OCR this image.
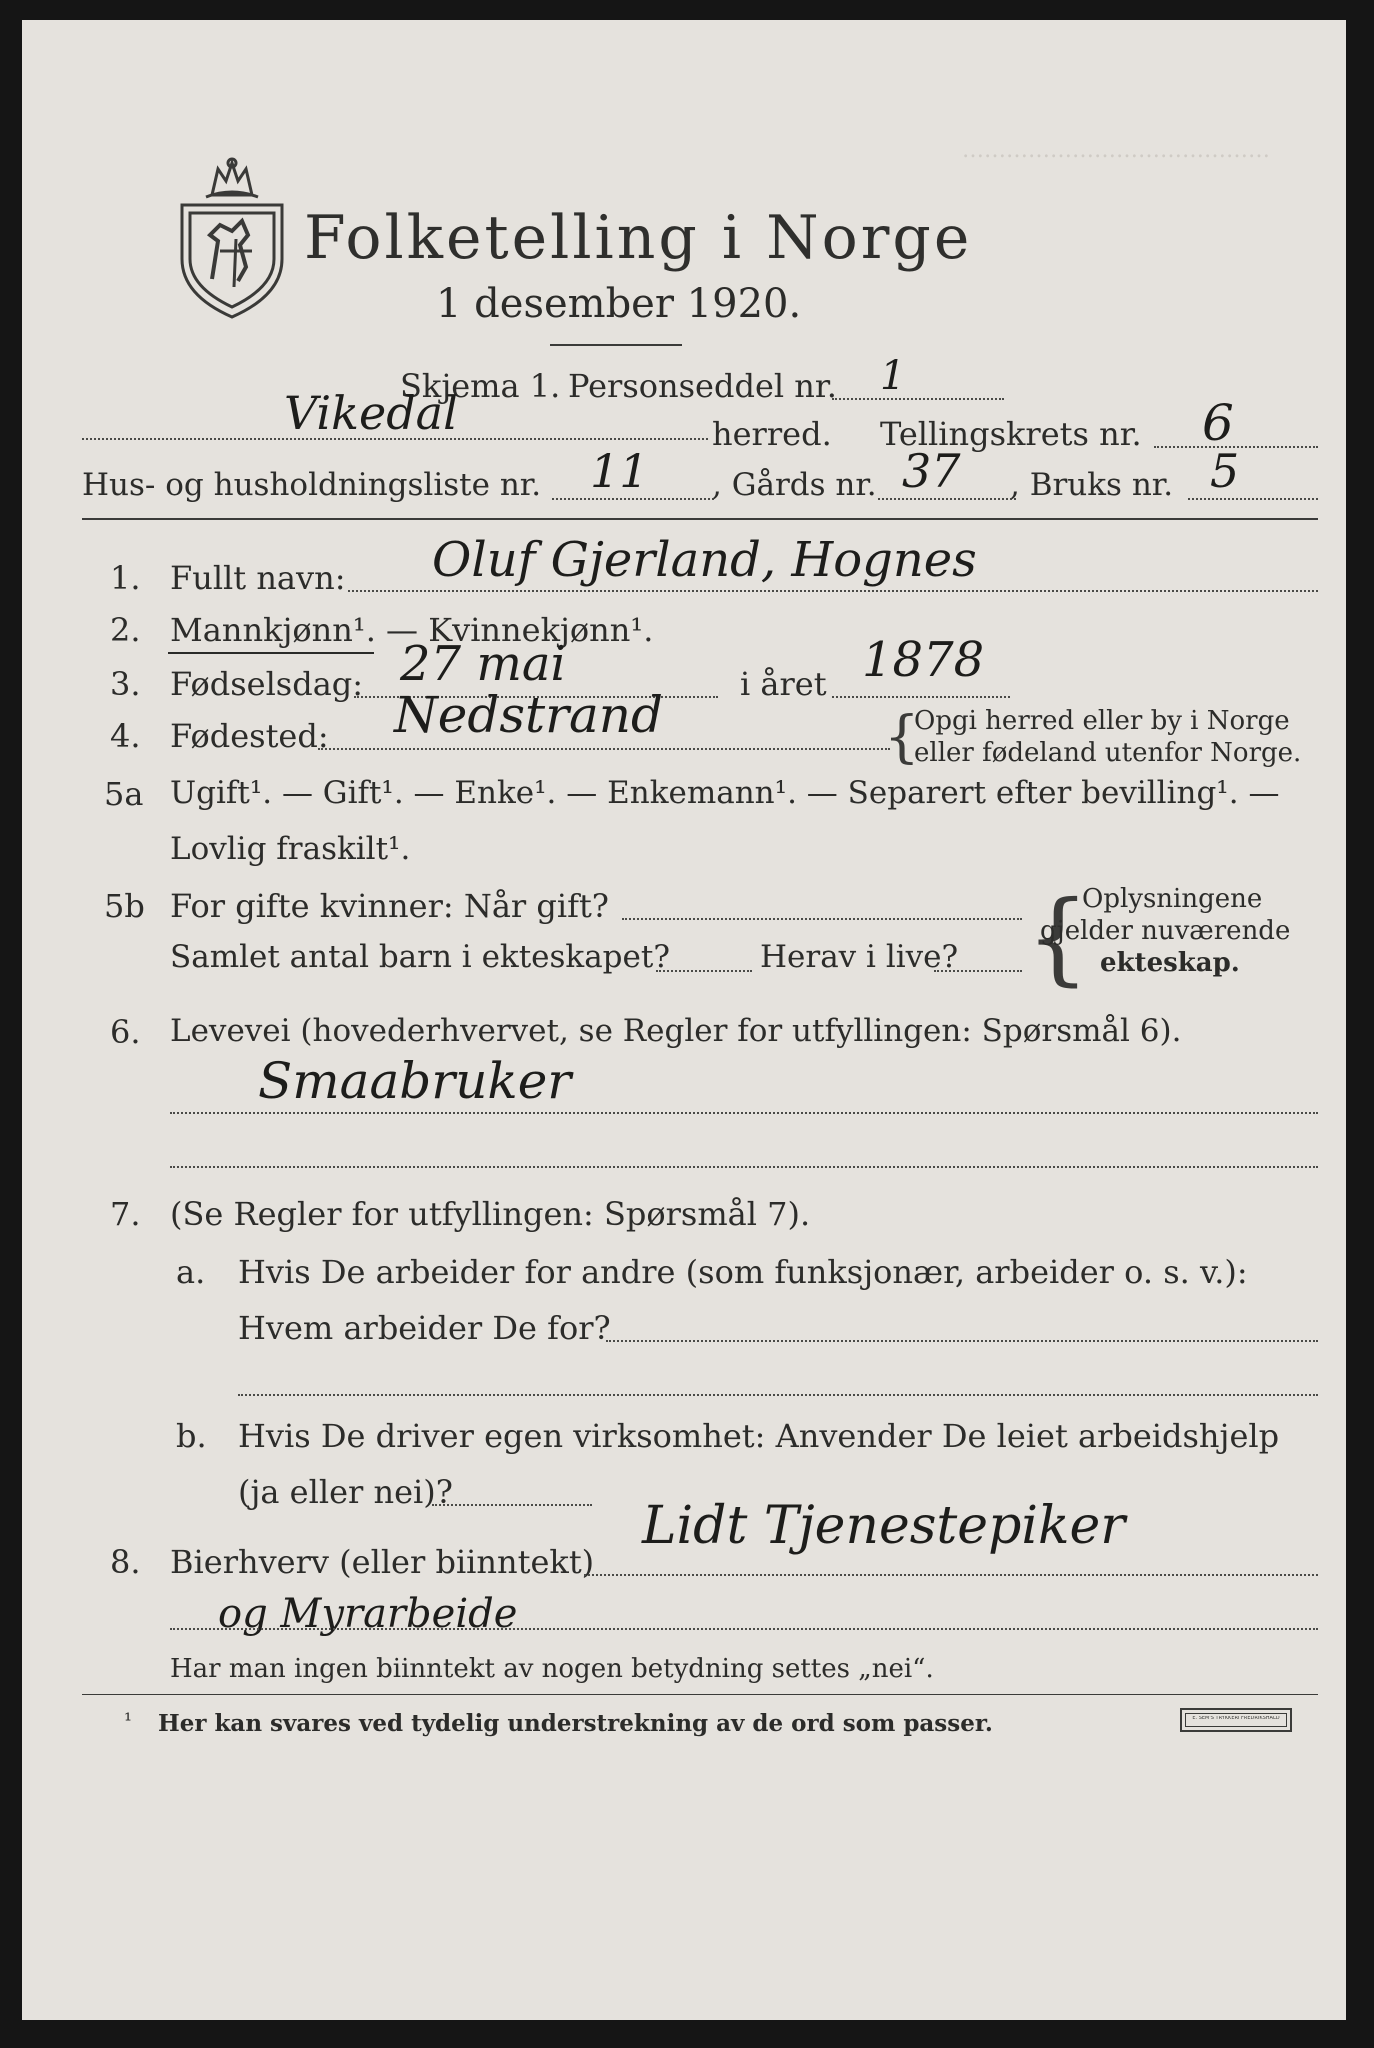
……………………………………
Folketelling i Norge
1 desember 1920.
Skjema 1. Personseddel nr. 1
Vikedal	herred. Tellingskrets nr. 6
Hus- og husholdningsliste nr. 11 , Gårds nr. 37 , Bruks nr. 5
1. Fullt navn: Oluf Gjerland, Hognes
2. Mannkjønn¹. — Kvinnekjønn¹.
3. Fødselsdag: 27 mai	i året 1878
4. Fødested: Nedstrand	{
Opgi herred eller by i Norge
eller fødeland utenfor Norge.
5a Ugift¹. — Gift¹. — Enke¹. — Enkemann¹. — Separert efter bevilling¹. —
Lovlig fraskilt¹.
5b For gifte kvinner: Når gift?
Samlet antal barn i ekteskapet?	Herav i live? {
Oplysningene
gjelder nuværende
ekteskap.
6. Levevei (hovederhvervet, se Regler for utfyllingen: Spørsmål 6).
Smaabruker
7. (Se Regler for utfyllingen: Spørsmål 7).
a. Hvis De arbeider for andre (som funksjonær, arbeider o. s. v.):
Hvem arbeider De for?
b. Hvis De driver egen virksomhet: Anvender De leiet arbeidshjelp
(ja eller nei)?
8. Bierhverv (eller biinntekt)
Lidt Tjenestepiker
og Myrarbeide
Har man ingen biinntekt av nogen betydning settes „nei“.
¹ Her kan svares ved tydelig understrekning av de ord som passer.	E. SEM'S TRYKKERI FREDRIKSHALD
